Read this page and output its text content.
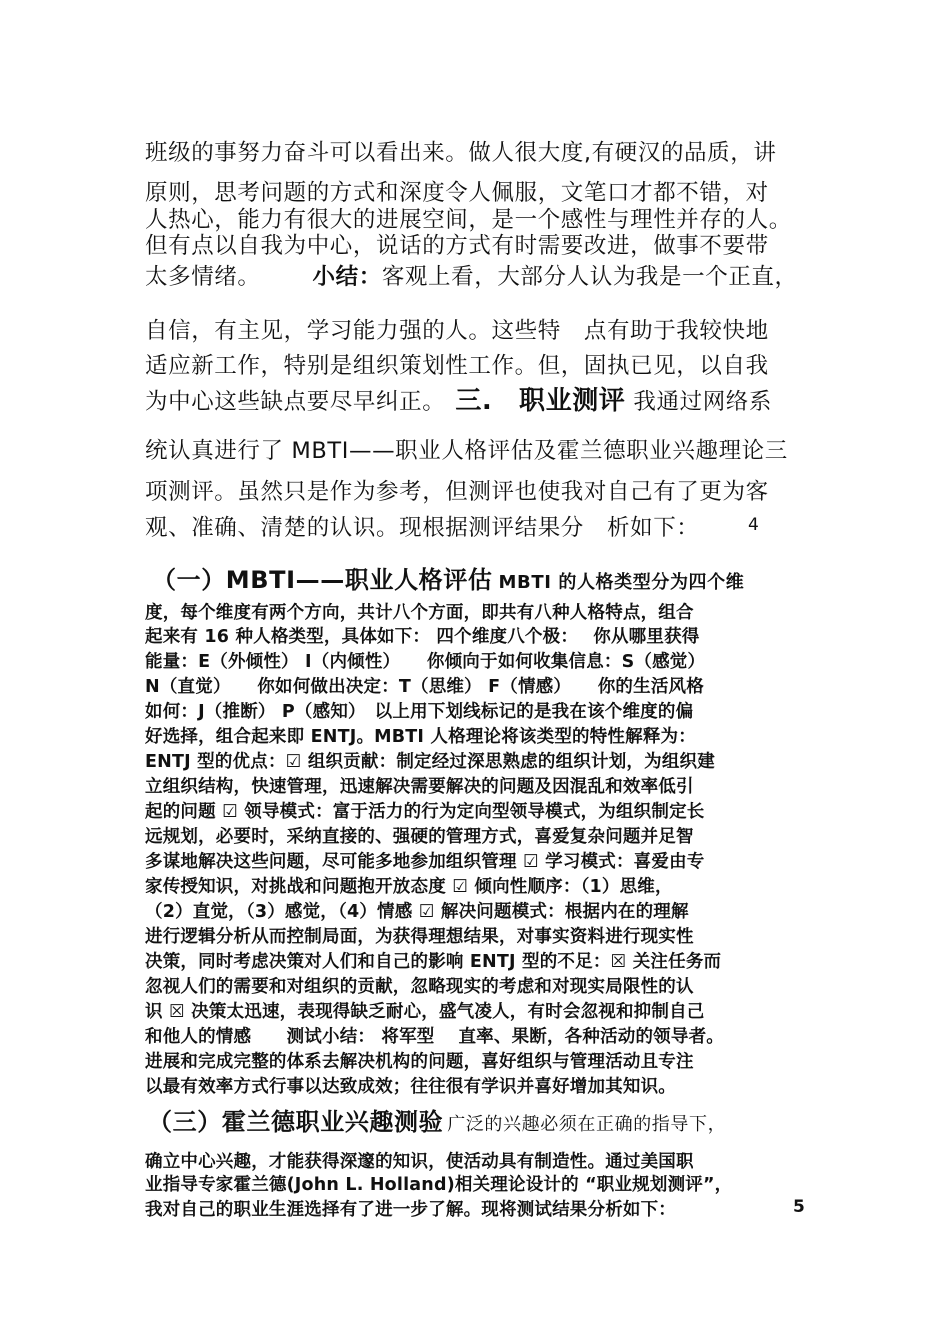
班级的事努力奋斗可以看出来。做人很大度,有硬汉的品质，讲
原则，思考问题的方式和深度令人佩服，文笔口才都不错，对
人热心，能力有很大的进展空间，是一个感性与理性并存的人。
但有点以自我为中心，说话的方式有时需要改进，做事不要带
太多情绪。 小结：客观上看，大部分人认为我是一个正直，
自信，有主见，学习能力强的人。这些特　点有助于我较快地
适应新工作，特别是组织策划性工作。但，固执已见，以自我
为中心这些缺点要尽早纠正。 三.　职业测评 我通过网络系
统认真进行了 MBTI——职业人格评估及霍兰德职业兴趣理论三
项测评。虽然只是作为参考，但测评也使我对自己有了更为客
观、准确、清楚的认识。现根据测评结果分　析如下：	4
（一）MBTI——职业人格评估 MBTI 的人格类型分为四个维
度，每个维度有两个方向，共计八个方面，即共有八种人格特点，组合
起来有 16 种人格类型，具体如下： 四个维度八个极：　 你从哪里获得
能量：E（外倾性） I（内倾性）　　你倾向于如何收集信息：S（感觉）
N（直觉）　　你如何做出决定：T（思维） F（情感）　　你的生活风格
如何：J（推断） P（感知）　以上用下划线标记的是我在该个维度的偏
好选择，组合起来即 ENTJ。MBTI 人格理论将该类型的特性解释为：
ENTJ 型的优点：☑ 组织贡献：制定经过深思熟虑的组织计划，为组织建
立组织结构，快速管理，迅速解决需要解决的问题及因混乱和效率低引
起的问题 ☑ 领导模式：富于活力的行为定向型领导模式，为组织制定长
远规划，必要时，采纳直接的、强硬的管理方式，喜爱复杂问题并足智
多谋地解决这些问题，尽可能多地参加组织管理 ☑ 学习模式：喜爱由专
家传授知识，对挑战和问题抱开放态度 ☑ 倾向性顺序：（1）思维，
（2）直觉，（3）感觉，（4）情感 ☑ 解决问题模式：根据内在的理解
进行逻辑分析从而控制局面，为获得理想结果，对事实资料进行现实性
决策，同时考虑决策对人们和自己的影响 ENTJ 型的不足：☒ 关注任务而
忽视人们的需要和对组织的贡献，忽略现实的考虑和对现实局限性的认
识 ☒ 决策太迅速，表现得缺乏耐心，盛气凌人，有时会忽视和抑制自己
和他人的情感　　测试小结： 将军型　 直率、果断，各种活动的领导者。
进展和完成完整的体系去解决机构的问题，喜好组织与管理活动且专注
以最有效率方式行事以达致成效；往往很有学识并喜好增加其知识。
（三）霍兰德职业兴趣测验 广泛的兴趣必须在正确的指导下，
确立中心兴趣，才能获得深邃的知识，使活动具有制造性。通过美国职
业指导专家霍兰德(John L. Holland)相关理论设计的 “职业规划测评”，
我对自己的职业生涯选择有了进一步了解。现将测试结果分析如下：	5
